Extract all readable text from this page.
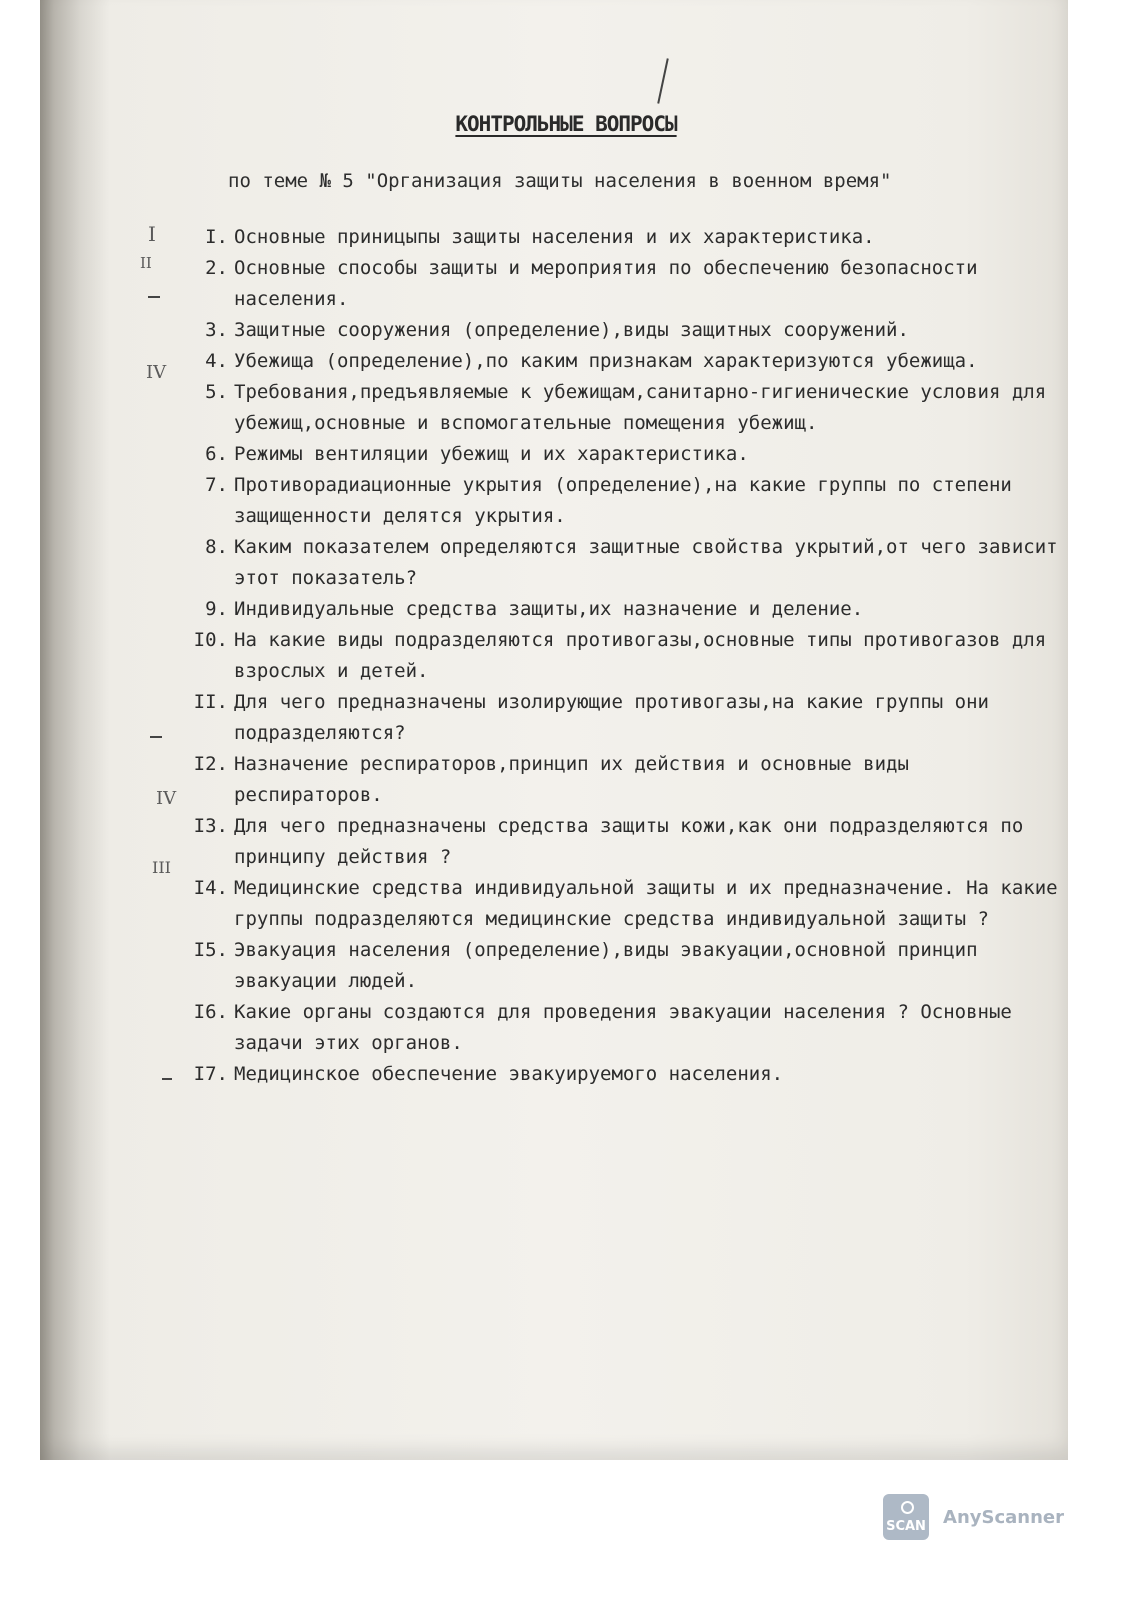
КОНТРОЛЬНЫЕ ВОПРОСЫ
по теме № 5 "Организация защиты населения в военном время"
I. Основные приницыпы защиты населения и их характеристика.
2. Основные способы защиты и мероприятия по обеспечению безопасности населения.
3. Защитные сооружения (определение),виды защитных сооружений.
4. Убежища (определение),по каким признакам характеризуются убежища.
5. Требования,предъявляемые к убежищам,санитарно-гигиенические условия для убежищ,основные и вспомогательные помещения убежищ.
6. Режимы вентиляции убежищ и их характеристика.
7. Противорадиационные укрытия (определение),на какие группы по степени защищенности делятся укрытия.
8. Каким показателем определяются защитные свойства укрытий,от чего зависит этот показатель?
9. Индивидуальные средства защиты,их назначение и деление.
I0. На какие виды подразделяются противогазы,основные типы противогазов для взрослых и детей.
II. Для чего предназначены изолирующие противогазы,на какие группы они подразделяются?
I2. Назначение респираторов,принцип их действия и основные виды респираторов.
I3. Для чего предназначены средства защиты кожи,как они подразделяются по принципу действия ?
I4. Медицинские средства индивидуальной защиты и их предназначение. На какие группы подразделяются медицинские средства индивидуальной защиты ?
I5. Эвакуация населения (определение),виды эвакуации,основной принцип эвакуации людей.
I6. Какие органы создаются для проведения эвакуации населения ? Основные задачи этих органов.
I7. Медицинское обеспечение эвакуируемого населения.
I
II
IV
IV
III
SCAN AnyScanner
